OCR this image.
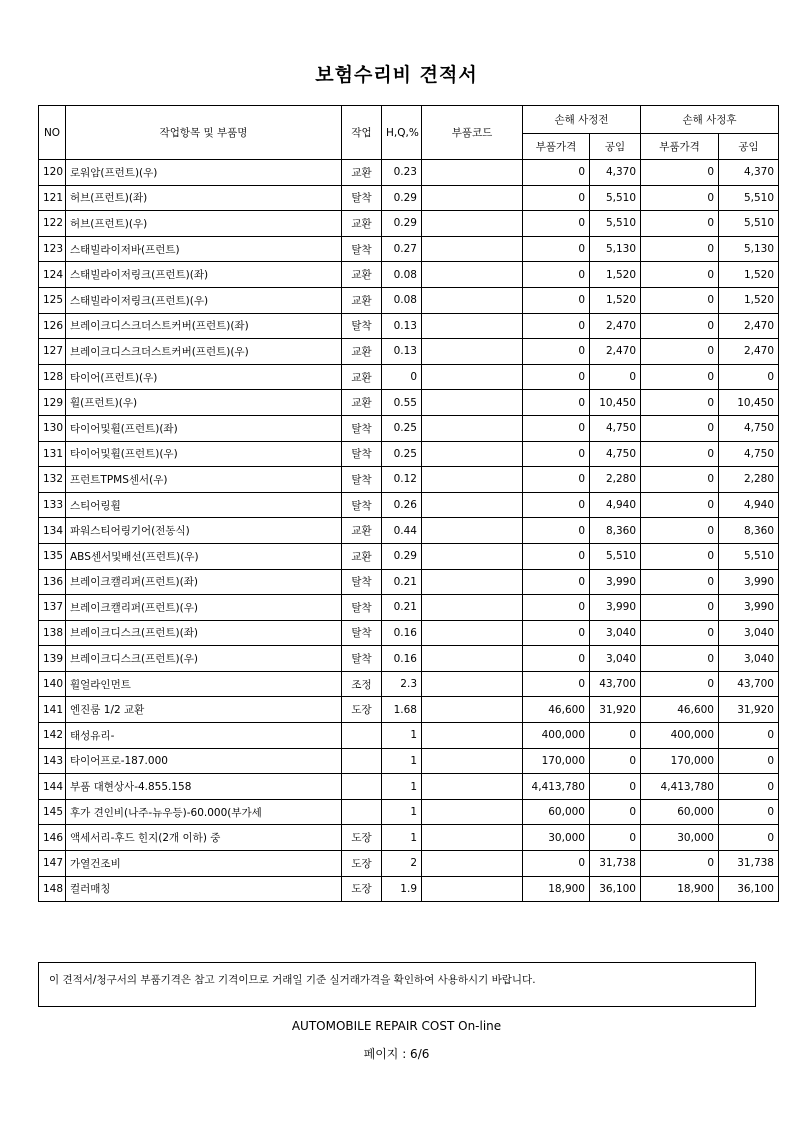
보험수리비 견적서
NO	작업항목 및 부품명	작업	H,Q,%	부품코드	손해 사정전		손해 사정후	
					부품가격	공임	부품가격	공임
120	로워암(프런트)(우)	교환	0.23		0	4,370	0	4,370
121	허브(프런트)(좌)	탈착	0.29		0	5,510	0	5,510
122	허브(프런트)(우)	교환	0.29		0	5,510	0	5,510
123	스태빌라이저바(프런트)	탈착	0.27		0	5,130	0	5,130
124	스태빌라이저링크(프런트)(좌)	교환	0.08		0	1,520	0	1,520
125	스태빌라이저링크(프런트)(우)	교환	0.08		0	1,520	0	1,520
126	브레이크디스크더스트커버(프런트)(좌)	탈착	0.13		0	2,470	0	2,470
127	브레이크디스크더스트커버(프런트)(우)	교환	0.13		0	2,470	0	2,470
128	타이어(프런트)(우)	교환	0		0	0	0	0
129	휠(프런트)(우)	교환	0.55		0	10,450	0	10,450
130	타이어및휠(프런트)(좌)	탈착	0.25		0	4,750	0	4,750
131	타이어및휠(프런트)(우)	탈착	0.25		0	4,750	0	4,750
132	프런트TPMS센서(우)	탈착	0.12		0	2,280	0	2,280
133	스티어링휠	탈착	0.26		0	4,940	0	4,940
134	파워스티어링기어(전동식)	교환	0.44		0	8,360	0	8,360
135	ABS센서및배선(프런트)(우)	교환	0.29		0	5,510	0	5,510
136	브레이크캘리퍼(프런트)(좌)	탈착	0.21		0	3,990	0	3,990
137	브레이크캘리퍼(프런트)(우)	탈착	0.21		0	3,990	0	3,990
138	브레이크디스크(프런트)(좌)	탈착	0.16		0	3,040	0	3,040
139	브레이크디스크(프런트)(우)	탈착	0.16		0	3,040	0	3,040
140	휠얼라인먼트	조정	2.3		0	43,700	0	43,700
141	엔진룸 1/2 교환	도장	1.68		46,600	31,920	46,600	31,920
142	태성유리-		1		400,000	0	400,000	0
143	타이어프로-187.000		1		170,000	0	170,000	0
144	부품 대현상사-4.855.158		1		4,413,780	0	4,413,780	0
145	후가 견인비(나주-뉴우등)-60.000(부가세		1		60,000	0	60,000	0
146	액세서리-후드 힌지(2개 이하) 중	도장	1		30,000	0	30,000	0
147	가열건조비	도장	2		0	31,738	0	31,738
148	컬러매칭	도장	1.9		18,900	36,100	18,900	36,100
이 견적서/청구서의 부품기격은 참고 기격이므로 거래일 기준 실거래가격을 확인하여 사용하시기 바랍니다.
AUTOMOBILE REPAIR COST On-line
페이지 : 6/6
